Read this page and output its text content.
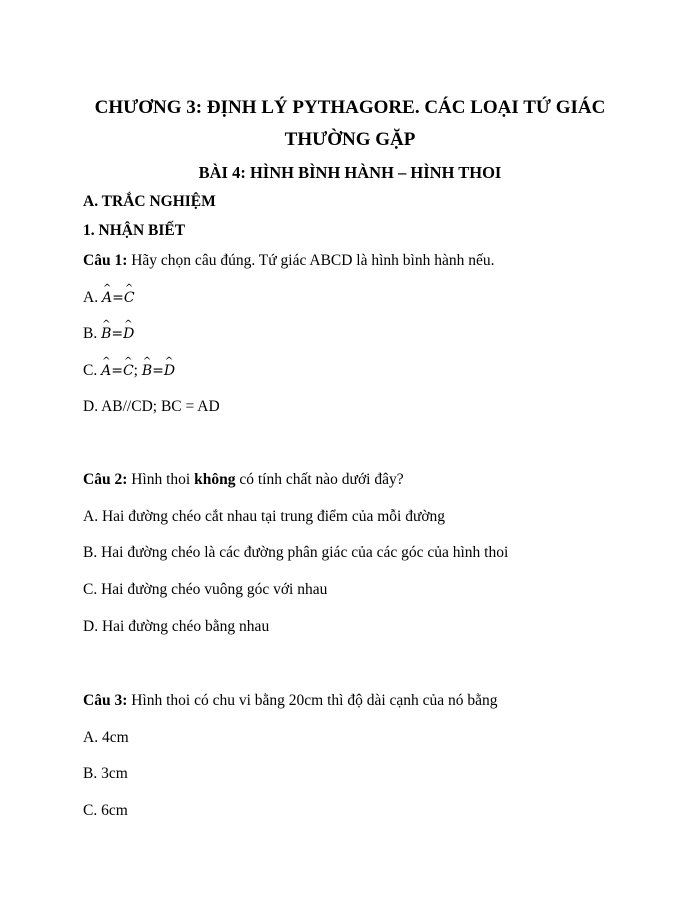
CHƯƠNG 3: ĐỊNH LÝ PYTHAGORE. CÁC LOẠI TỨ GIÁC
THƯỜNG GẶP
BÀI 4: HÌNH BÌNH HÀNH – HÌNH THOI
A. TRẮC NGHIỆM
1. NHẬN BIẾT
Câu 1: Hãy chọn câu đúng. Tứ giác ABCD là hình bình hành nếu.
A. A ^=C ^
B. B ^=D ^
C. A ^=C ^; B ^=D ^
D. AB//CD; BC = AD
Câu 2: Hình thoi không có tính chất nào dưới đây?
A. Hai đường chéo cắt nhau tại trung điểm của mỗi đường
B. Hai đường chéo là các đường phân giác của các góc của hình thoi
C. Hai đường chéo vuông góc với nhau
D. Hai đường chéo bằng nhau
Câu 3: Hình thoi có chu vi bằng 20cm thì độ dài cạnh của nó bằng
A. 4cm
B. 3cm
C. 6cm
